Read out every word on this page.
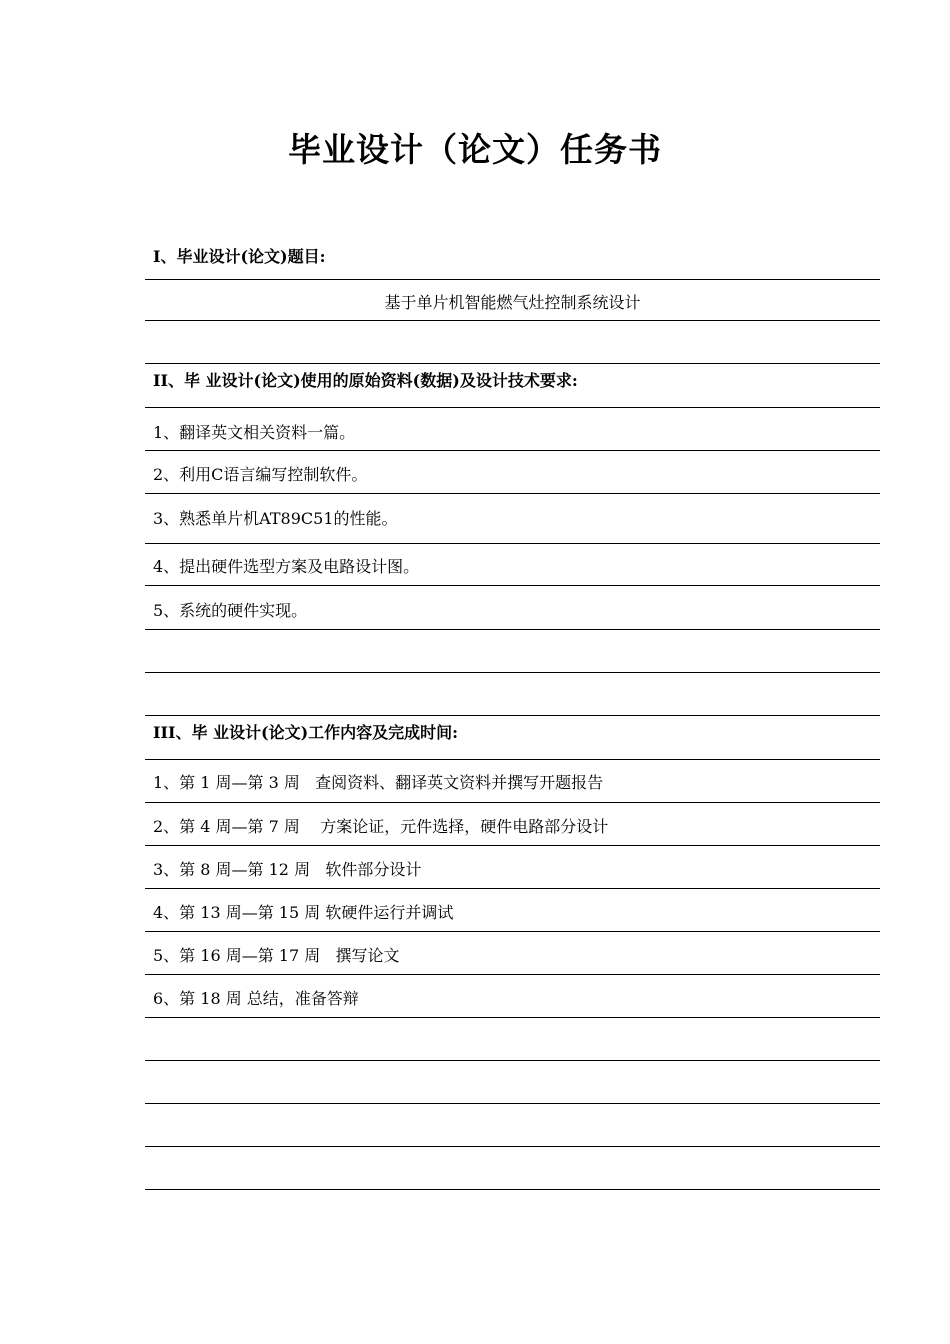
毕业设计（论文）任务书
I、毕业设计(论文)题目:
基于单片机智能燃气灶控制系统设计
II、毕 业设计(论文)使用的原始资料(数据)及设计技术要求:
1、翻译英文相关资料一篇。
2、利用C语言编写控制软件。
3、熟悉单片机AT89C51的性能。
4、提出硬件选型方案及电路设计图。
5、系统的硬件实现。
III、毕 业设计(论文)工作内容及完成时间:
1、第 1 周—第 3 周   查阅资料、翻译英文资料并撰写开题报告
2、第 4 周—第 7 周    方案论证，元件选择，硬件电路部分设计
3、第 8 周—第 12 周   软件部分设计
4、第 13 周—第 15 周 软硬件运行并调试
5、第 16 周—第 17 周   撰写论文
6、第 18 周 总结，准备答辩
